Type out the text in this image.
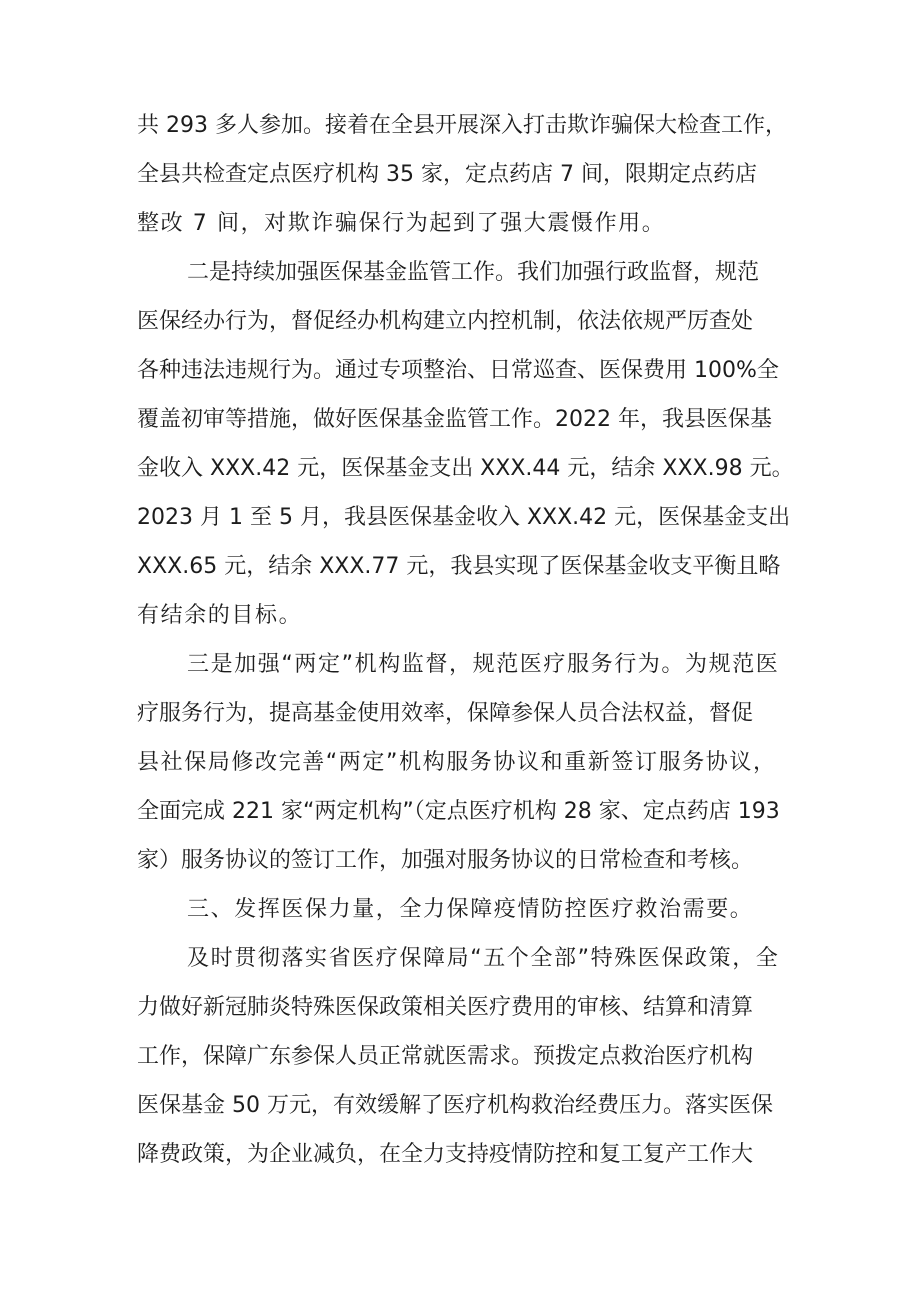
共 293 多人参加。接着在全县开展深入打击欺诈骗保大检查工作，
全县共检查定点医疗机构 35 家，定点药店 7 间，限期定点药店
整改 7 间，对欺诈骗保行为起到了强大震慑作用。
二是持续加强医保基金监管工作。我们加强行政监督，规范
医保经办行为，督促经办机构建立内控机制，依法依规严厉查处
各种违法违规行为。通过专项整治、日常巡查、医保费用 100%全
覆盖初审等措施，做好医保基金监管工作。2022 年，我县医保基
金收入 XXX.42 元，医保基金支出 XXX.44 元，结余 XXX.98 元。
2023 月 1 至 5 月，我县医保基金收入 XXX.42 元，医保基金支出
XXX.65 元，结余 XXX.77 元，我县实现了医保基金收支平衡且略
有结余的目标。
三是加强“两定”机构监督，规范医疗服务行为。为规范医
疗服务行为，提高基金使用效率，保障参保人员合法权益，督促
县社保局修改完善“两定”机构服务协议和重新签订服务协议，
全面完成 221 家“两定机构”（定点医疗机构 28 家、定点药店 193
家）服务协议的签订工作，加强对服务协议的日常检查和考核。
三、发挥医保力量，全力保障疫情防控医疗救治需要。
及时贯彻落实省医疗保障局“五个全部”特殊医保政策，全
力做好新冠肺炎特殊医保政策相关医疗费用的审核、结算和清算
工作，保障广东参保人员正常就医需求。预拨定点救治医疗机构
医保基金 50 万元，有效缓解了医疗机构救治经费压力。落实医保
降费政策，为企业减负，在全力支持疫情防控和复工复产工作大
